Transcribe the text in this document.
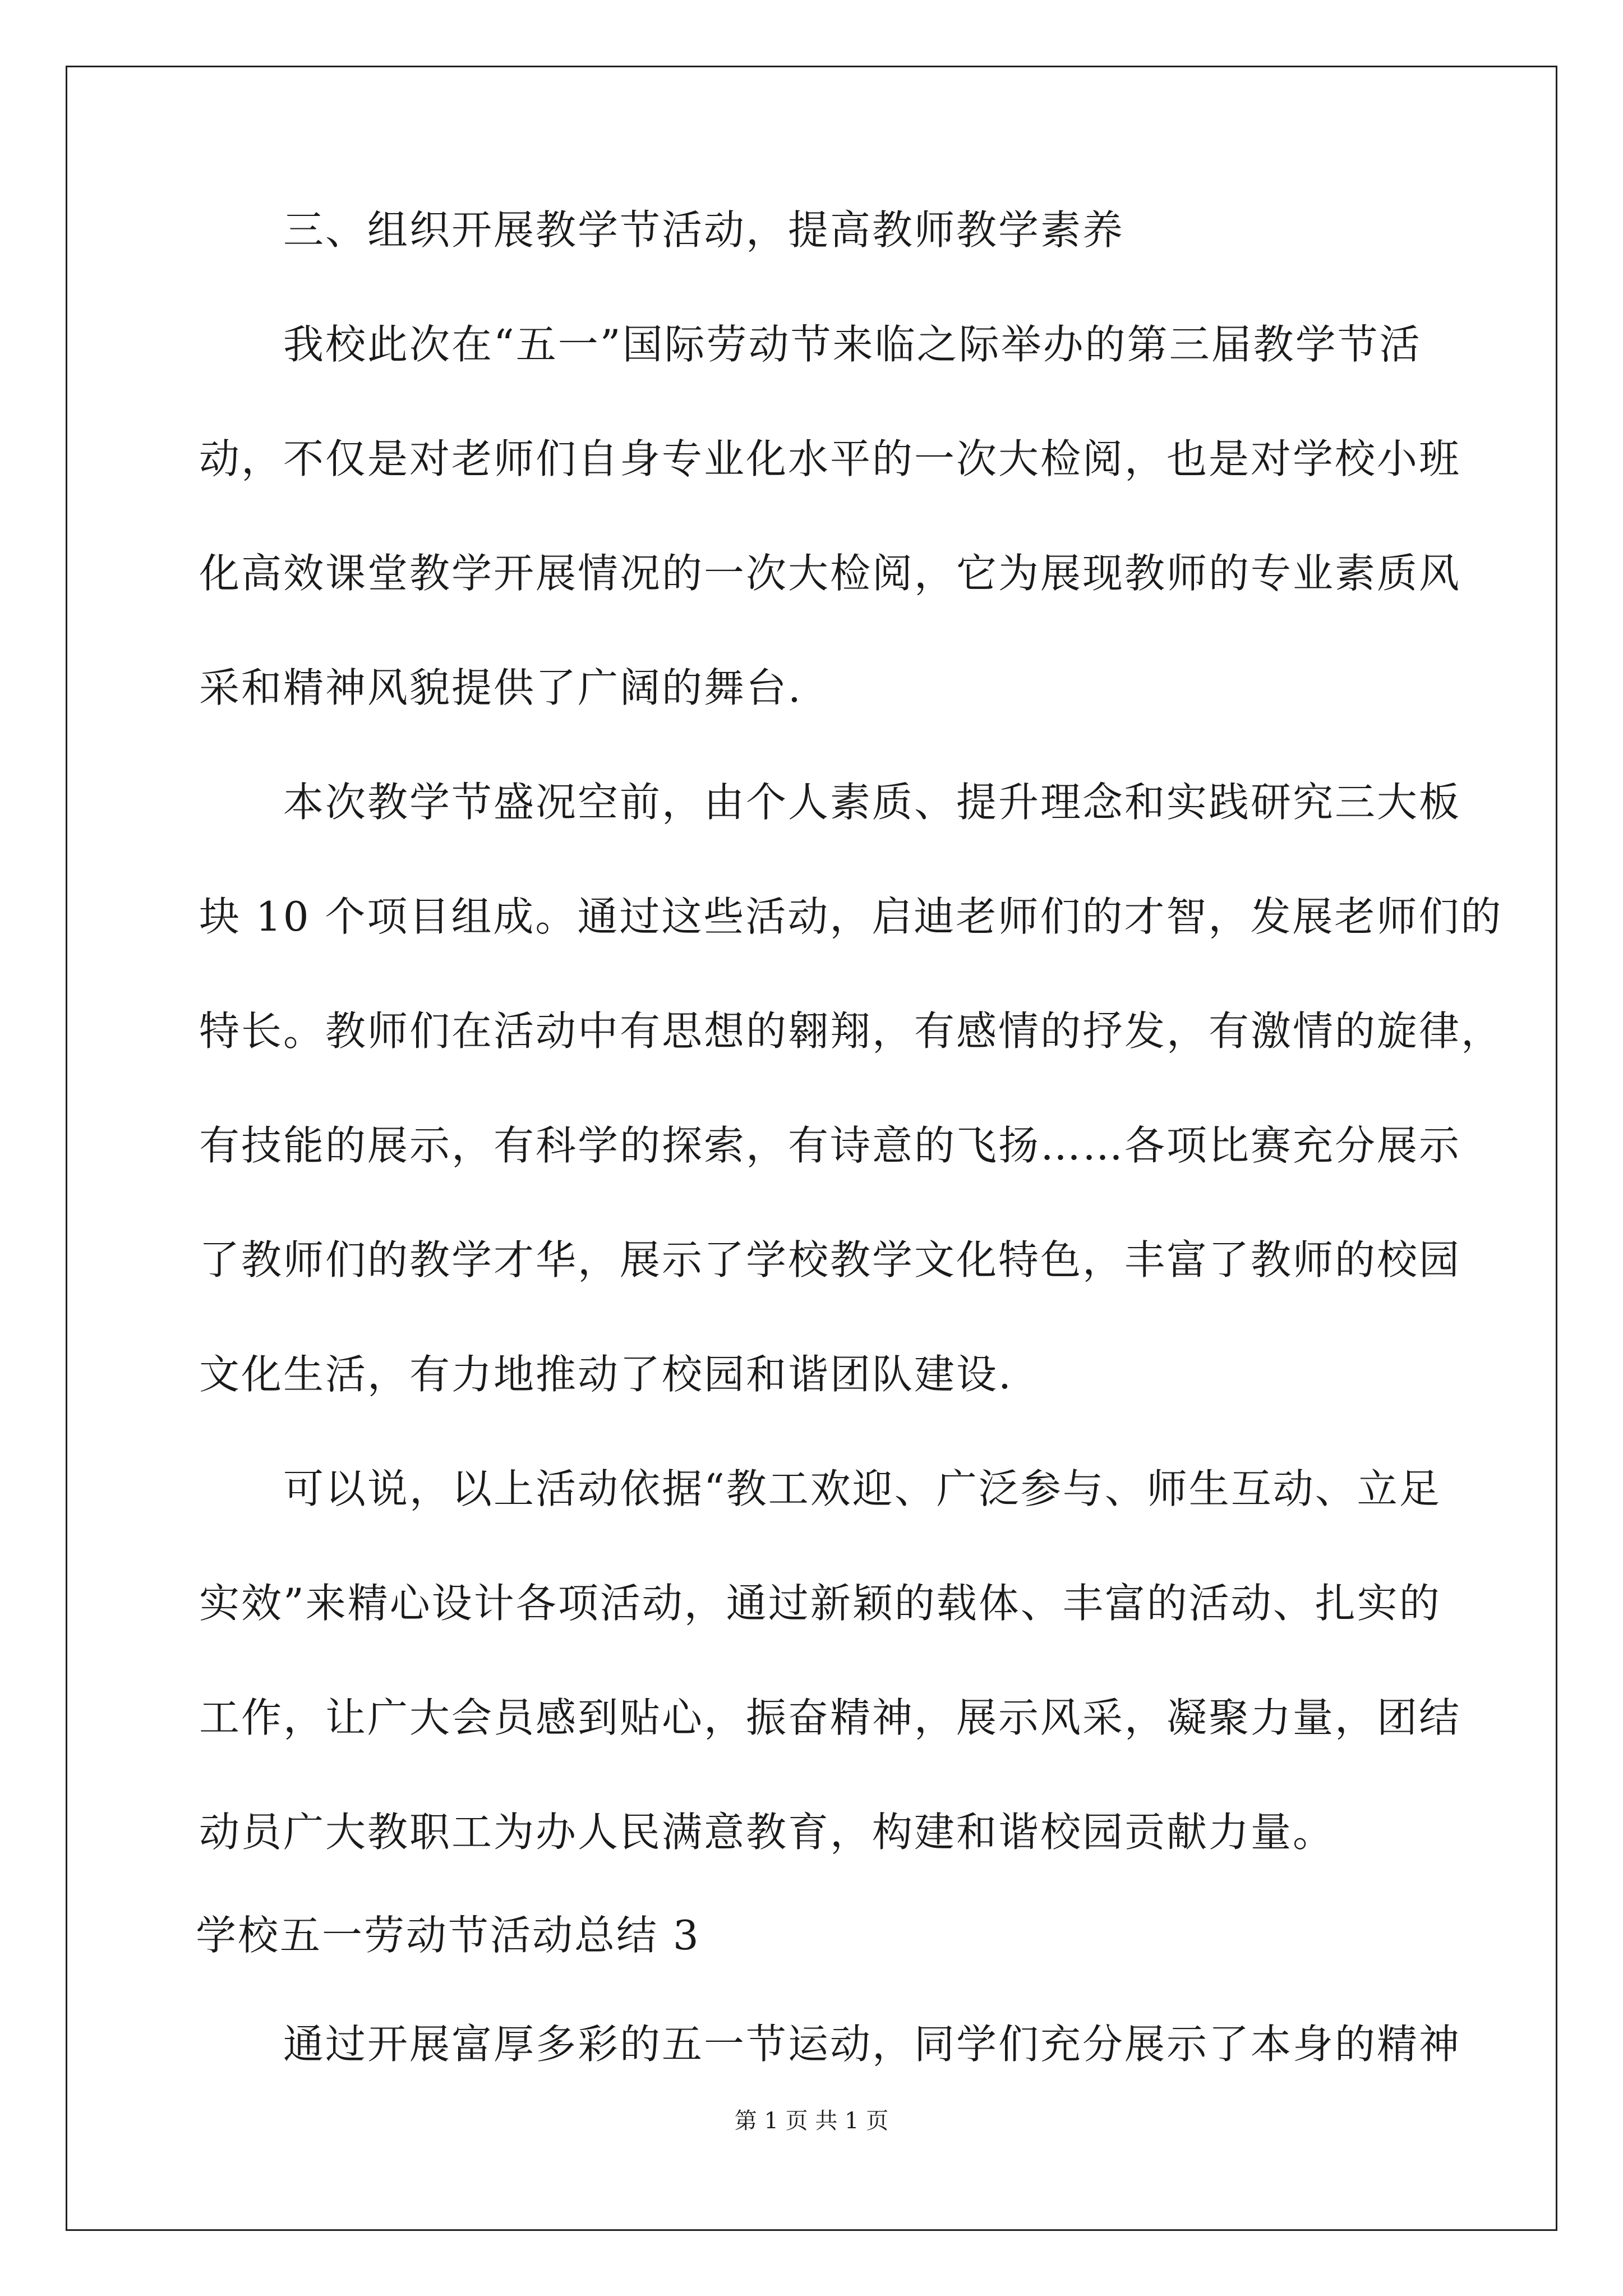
三、组织开展教学节活动，提高教师教学素养

我校此次在“五一”国际劳动节来临之际举办的第三届教学节活

动，不仅是对老师们自身专业化水平的一次大检阅，也是对学校小班

化高效课堂教学开展情况的一次大检阅，它为展现教师的专业素质风

采和精神风貌提供了广阔的舞台.

本次教学节盛况空前，由个人素质、提升理念和实践研究三大板

块 10 个项目组成。通过这些活动，启迪老师们的才智，发展老师们的

特长。教师们在活动中有思想的翱翔，有感情的抒发，有激情的旋律，

有技能的展示，有科学的探索，有诗意的飞扬……各项比赛充分展示

了教师们的教学才华，展示了学校教学文化特色，丰富了教师的校园

文化生活，有力地推动了校园和谐团队建设.

可以说，以上活动依据“教工欢迎、广泛参与、师生互动、立足

实效”来精心设计各项活动，通过新颖的载体、丰富的活动、扎实的

工作，让广大会员感到贴心，振奋精神，展示风采，凝聚力量，团结

动员广大教职工为办人民满意教育，构建和谐校园贡献力量。

学校五一劳动节活动总结 3

通过开展富厚多彩的五一节运动，同学们充分展示了本身的精神

第 1 页 共 1 页
